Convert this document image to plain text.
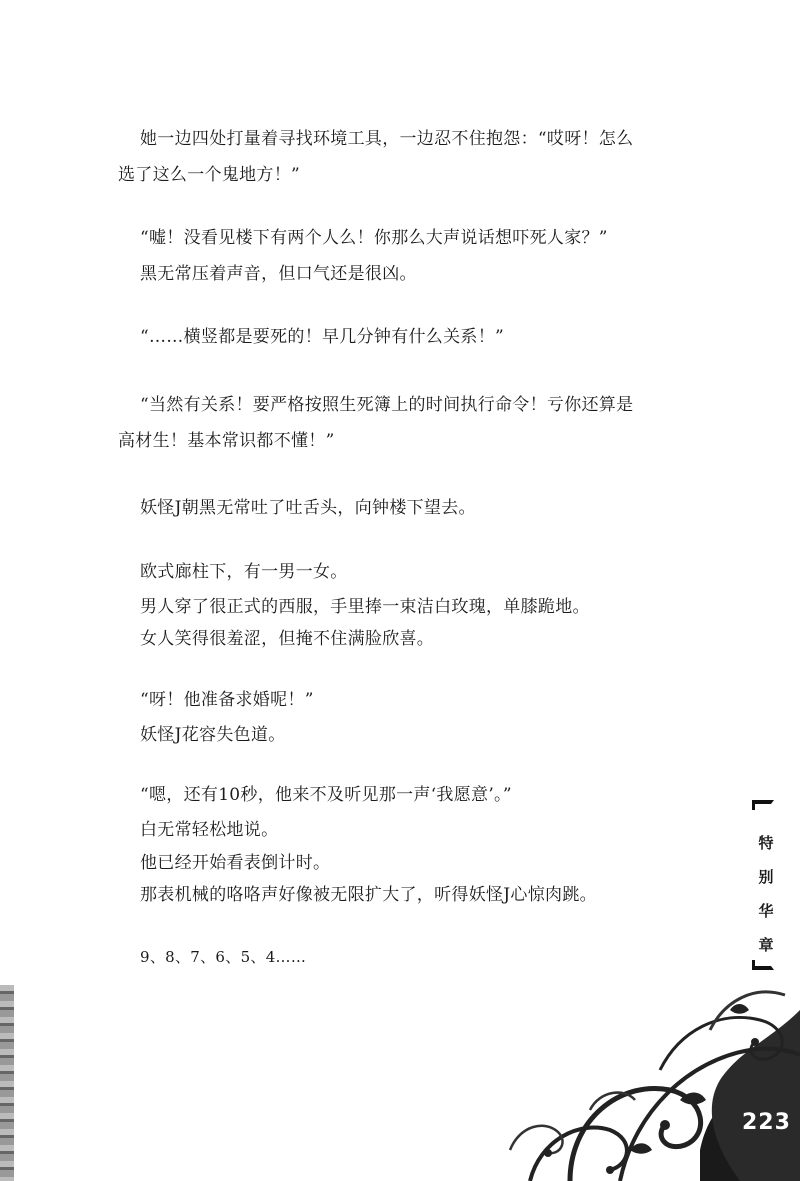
她一边四处打量着寻找环境工具，一边忍不住抱怨：“哎呀！怎么
选了这么一个鬼地方！”
“嘘！没看见楼下有两个人么！你那么大声说话想吓死人家？”
黑无常压着声音，但口气还是很凶。
“……横竖都是要死的！早几分钟有什么关系！”
“当然有关系！要严格按照生死簿上的时间执行命令！亏你还算是
高材生！基本常识都不懂！”
妖怪J朝黑无常吐了吐舌头，向钟楼下望去。
欧式廊柱下，有一男一女。
男人穿了很正式的西服，手里捧一束洁白玫瑰，单膝跪地。
女人笑得很羞涩，但掩不住满脸欣喜。
“呀！他准备求婚呢！”
妖怪J花容失色道。
“嗯，还有10秒，他来不及听见那一声‘我愿意’。”
白无常轻松地说。
他已经开始看表倒计时。
那表机械的咯咯声好像被无限扩大了，听得妖怪J心惊肉跳。
9、8、7、6、5、4……
特
别
华
章
223
